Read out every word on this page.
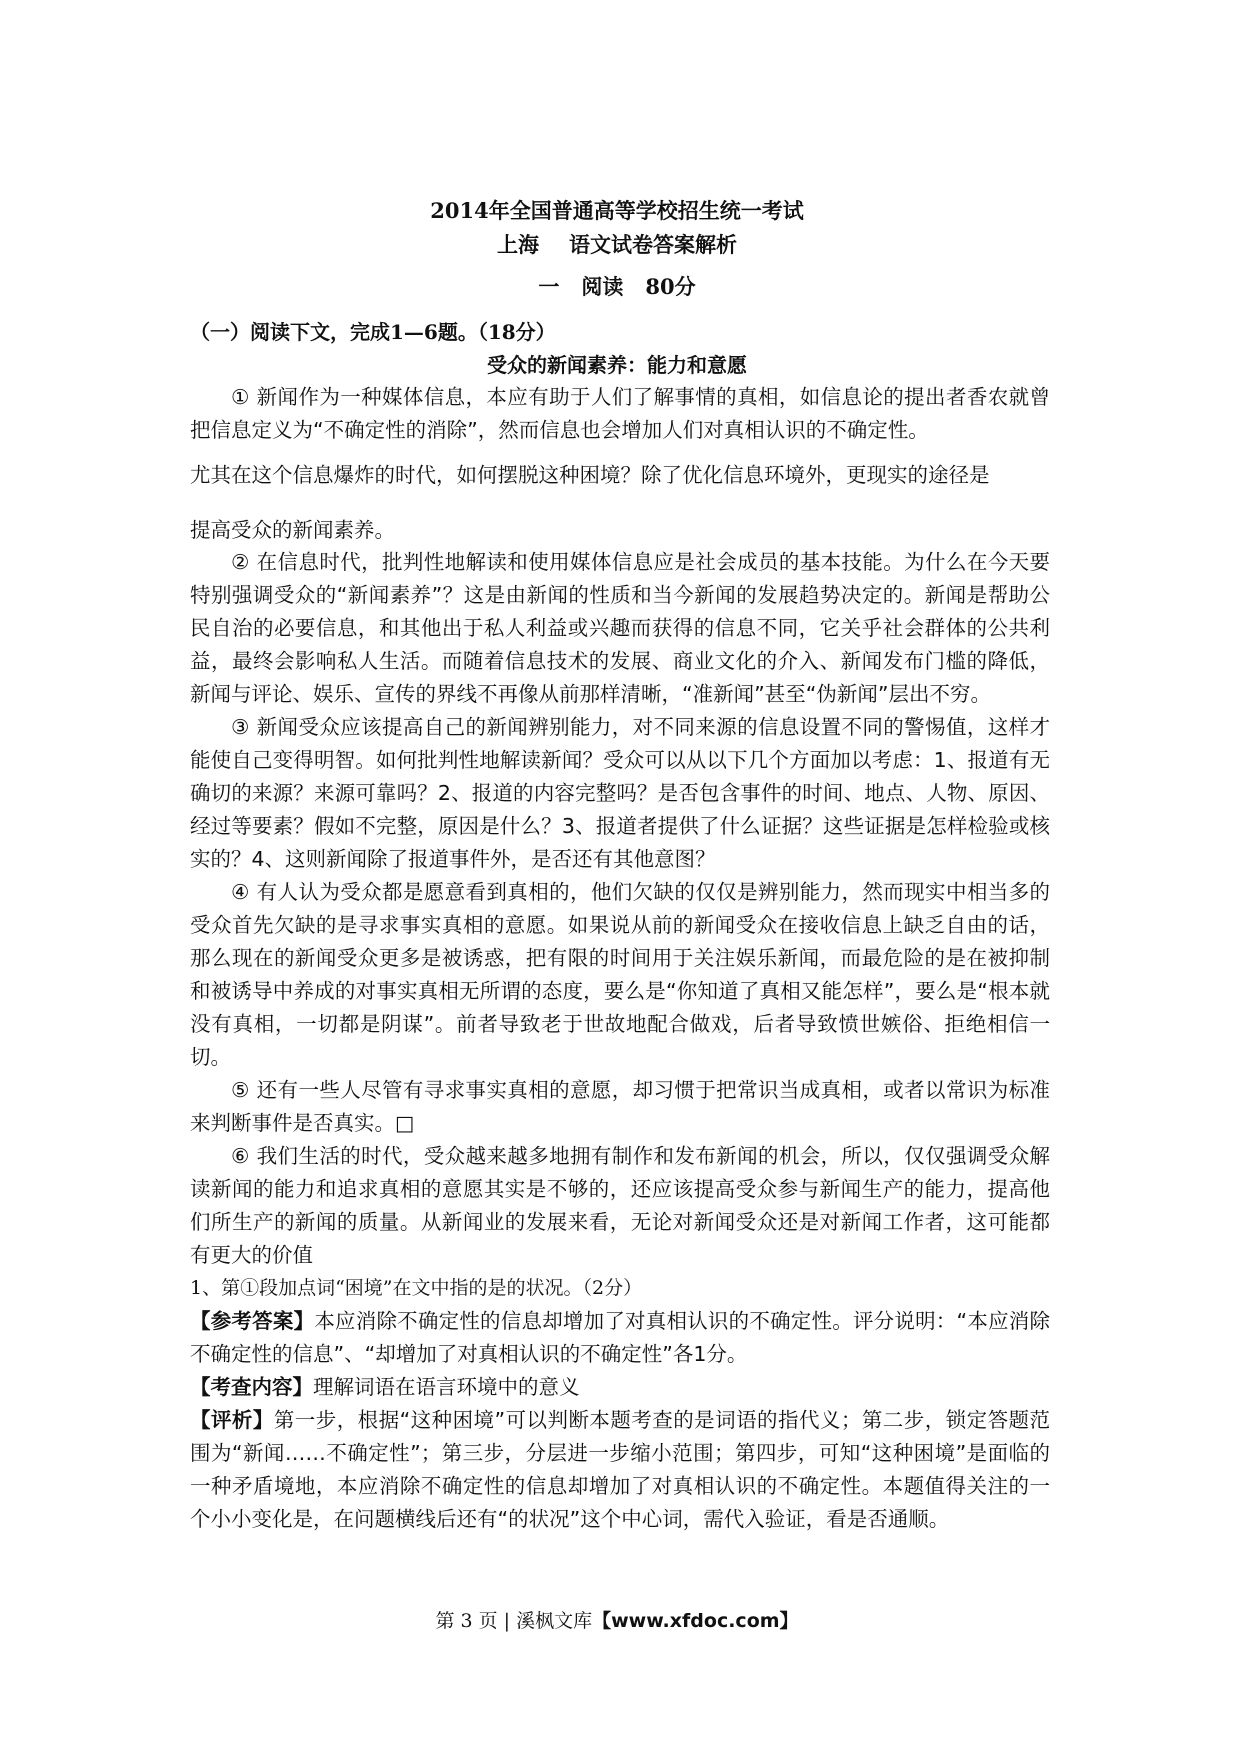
2014年全国普通高等学校招生统一考试
上海 语文试卷答案解析
一 阅读 80分
（一）阅读下文，完成1—6题。（18分）
受众的新闻素养：能力和意愿

① 新闻作为一种媒体信息，本应有助于人们了解事情的真相，如信息论的提出者香农就曾把信息定义为“不确定性的消除”，然而信息也会增加人们对真相认识的不确定性。

尤其在这个信息爆炸的时代，如何摆脱这种困境？除了优化信息环境外，更现实的途径是

提高受众的新闻素养。

② 在信息时代，批判性地解读和使用媒体信息应是社会成员的基本技能。为什么在今天要特别强调受众的“新闻素养”？这是由新闻的性质和当今新闻的发展趋势决定的。新闻是帮助公民自治的必要信息，和其他出于私人利益或兴趣而获得的信息不同，它关乎社会群体的公共利益，最终会影响私人生活。而随着信息技术的发展、商业文化的介入、新闻发布门槛的降低，新闻与评论、娱乐、宣传的界线不再像从前那样清晰，“准新闻”甚至“伪新闻”层出不穷。

③ 新闻受众应该提高自己的新闻辨别能力，对不同来源的信息设置不同的警惕值，这样才能使自己变得明智。如何批判性地解读新闻？受众可以从以下几个方面加以考虑：1、报道有无确切的来源？来源可靠吗？2、报道的内容完整吗？是否包含事件的时间、地点、人物、原因、经过等要素？假如不完整，原因是什么？3、报道者提供了什么证据？这些证据是怎样检验或核实的？4、这则新闻除了报道事件外，是否还有其他意图？

④ 有人认为受众都是愿意看到真相的，他们欠缺的仅仅是辨别能力，然而现实中相当多的受众首先欠缺的是寻求事实真相的意愿。如果说从前的新闻受众在接收信息上缺乏自由的话，那么现在的新闻受众更多是被诱惑，把有限的时间用于关注娱乐新闻，而最危险的是在被抑制和被诱导中养成的对事实真相无所谓的态度，要么是“你知道了真相又能怎样”，要么是“根本就没有真相，一切都是阴谋”。前者导致老于世故地配合做戏，后者导致愤世嫉俗、拒绝相信一切。

⑤ 还有一些人尽管有寻求事实真相的意愿，却习惯于把常识当成真相，或者以常识为标准来判断事件是否真实。□

⑥ 我们生活的时代，受众越来越多地拥有制作和发布新闻的机会，所以，仅仅强调受众解读新闻的能力和追求真相的意愿其实是不够的，还应该提高受众参与新闻生产的能力，提高他们所生产的新闻的质量。从新闻业的发展来看，无论对新闻受众还是对新闻工作者，这可能都有更大的价值

1、第①段加点词“困境”在文中指的是的状况。（2分）

【参考答案】本应消除不确定性的信息却增加了对真相认识的不确定性。评分说明：“本应消除不确定性的信息”、“却增加了对真相认识的不确定性”各1分。

【考查内容】理解词语在语言环境中的意义

【评析】第一步，根据“这种困境”可以判断本题考查的是词语的指代义；第二步，锁定答题范围为“新闻……不确定性”；第三步，分层进一步缩小范围；第四步，可知“这种困境”是面临的一种矛盾境地，本应消除不确定性的信息却增加了对真相认识的不确定性。本题值得关注的一个小小变化是，在问题横线后还有“的状况”这个中心词，需代入验证，看是否通顺。

第 3 页 | 溪枫文库【www.xfdoc.com】
